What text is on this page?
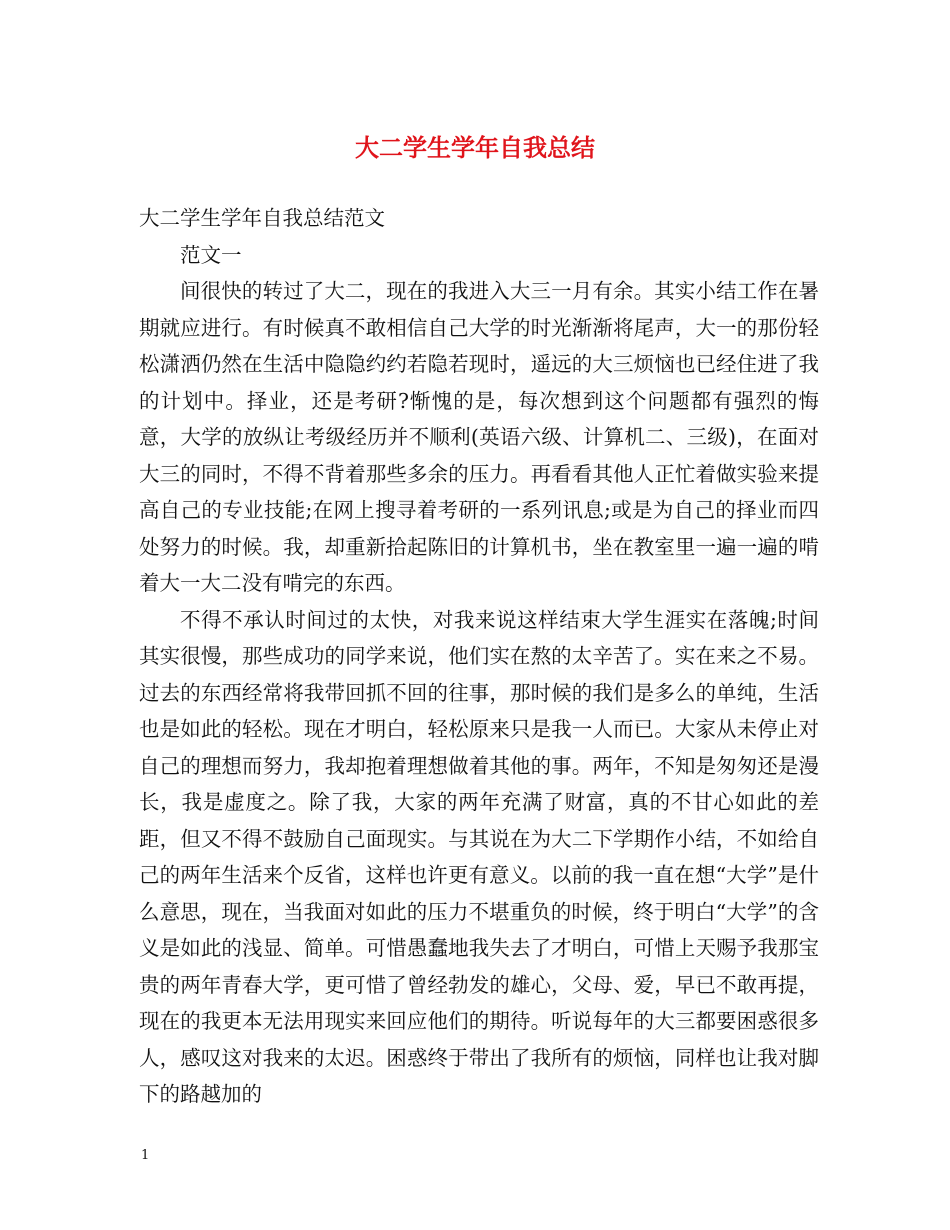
大二学生学年自我总结

大二学生学年自我总结范文

范文一

间很快的转过了大二，现在的我进入大三一月有余。其实小结工作在暑期就应进行。有时候真不敢相信自己大学的时光渐渐将尾声，大一的那份轻松潇洒仍然在生活中隐隐约约若隐若现时，遥远的大三烦恼也已经住进了我的计划中。择业，还是考研?惭愧的是，每次想到这个问题都有强烈的悔意，大学的放纵让考级经历并不顺利(英语六级、计算机二、三级)，在面对大三的同时，不得不背着那些多余的压力。再看看其他人正忙着做实验来提高自己的专业技能;在网上搜寻着考研的一系列讯息;或是为自己的择业而四处努力的时候。我，却重新拾起陈旧的计算机书，坐在教室里一遍一遍的啃着大一大二没有啃完的东西。

不得不承认时间过的太快，对我来说这样结束大学生涯实在落魄;时间其实很慢，那些成功的同学来说，他们实在熬的太辛苦了。实在来之不易。过去的东西经常将我带回抓不回的往事，那时候的我们是多么的单纯，生活也是如此的轻松。现在才明白，轻松原来只是我一人而已。大家从未停止对自己的理想而努力，我却抱着理想做着其他的事。两年，不知是匆匆还是漫长，我是虚度之。除了我，大家的两年充满了财富，真的不甘心如此的差距，但又不得不鼓励自己面现实。与其说在为大二下学期作小结，不如给自己的两年生活来个反省，这样也许更有意义。以前的我一直在想“大学”是什么意思，现在，当我面对如此的压力不堪重负的时候，终于明白“大学”的含义是如此的浅显、简单。可惜愚蠢地我失去了才明白，可惜上天赐予我那宝贵的两年青春大学，更可惜了曾经勃发的雄心，父母、爱，早已不敢再提，现在的我更本无法用现实来回应他们的期待。听说每年的大三都要困惑很多人，感叹这对我来的太迟。困惑终于带出了我所有的烦恼，同样也让我对脚下的路越加的

1
